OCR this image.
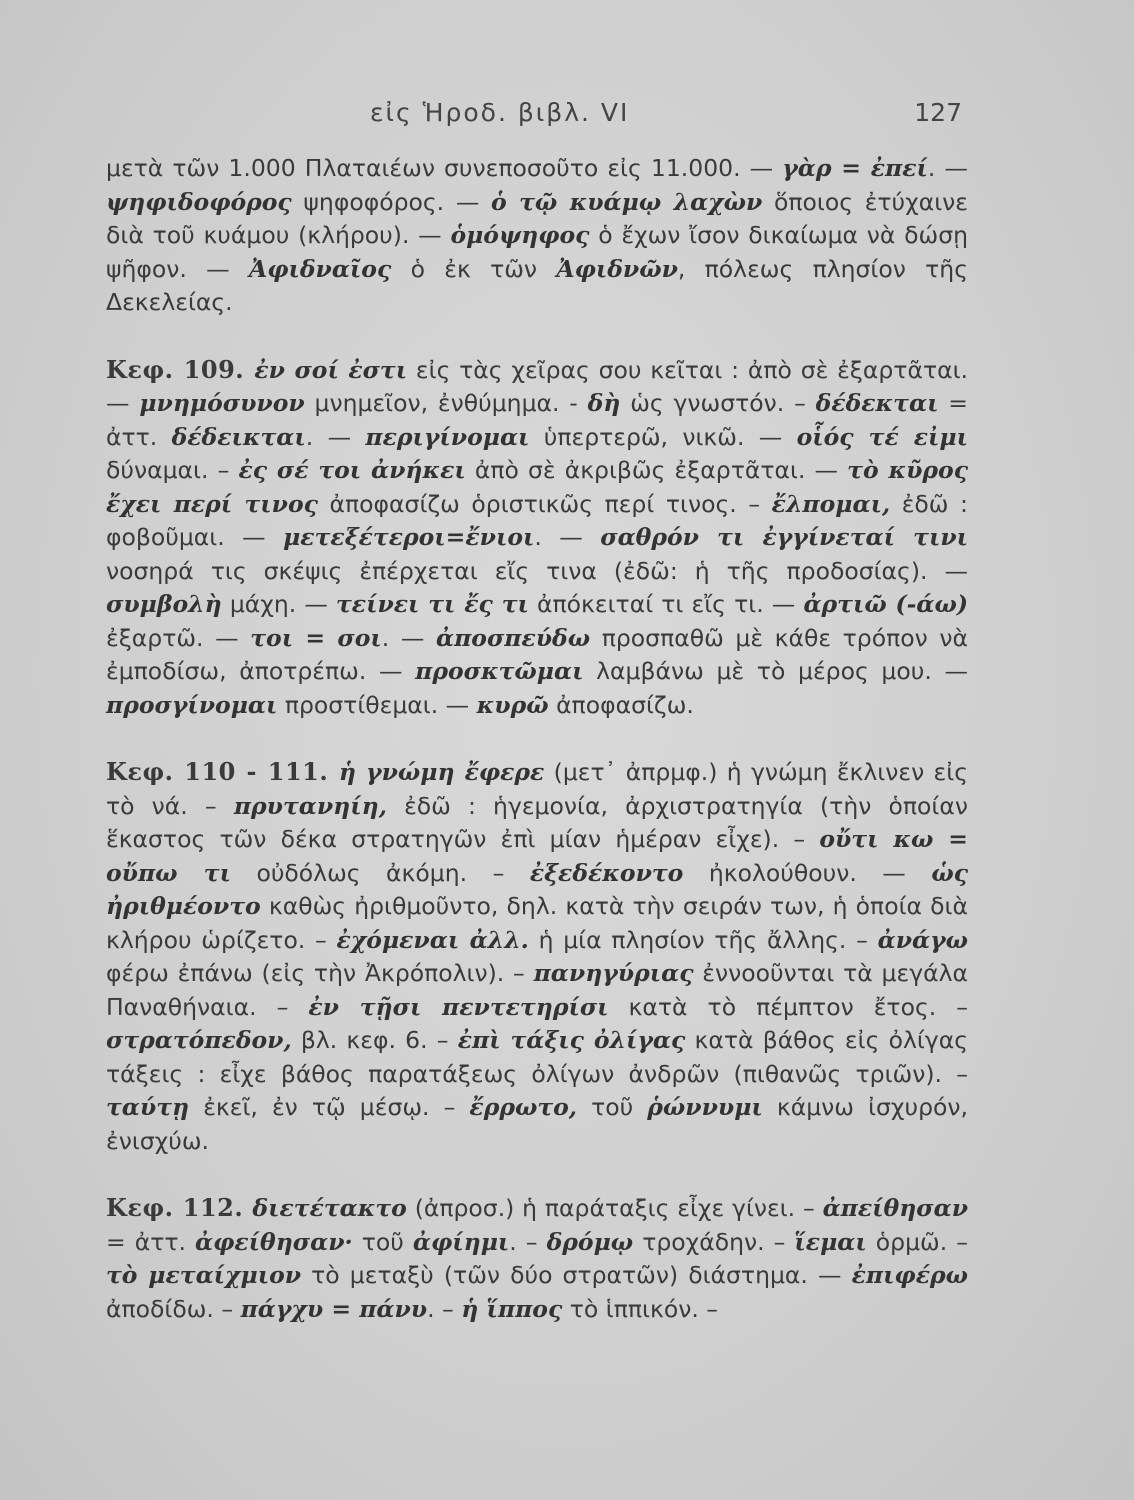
εἰς Ἡροδ. βιβλ. VI	127

μετὰ τῶν 1.000 Πλαταιέων συνεποσοῦτο εἰς 11.000. — γὰρ = ἐπεί. — ψηφιδοφόρος ψηφοφόρος. — ὁ τῷ κυάμῳ λαχὼν ὅποιος ἐτύχαινε διὰ τοῦ κυάμου (κλήρου). — ὁμόψηφος ὁ ἔχων ἴσον δικαίωμα νὰ δώσῃ ψῆφον. — Ἀφιδναῖος ὁ ἐκ τῶν Ἀφιδνῶν, πόλεως πλησίον τῆς Δεκελείας.

Κεφ. 109. ἐν σοί ἐστι εἰς τὰς χεῖρας σου κεῖται : ἀπὸ σὲ ἐξαρτᾶται. — μνημόσυνον μνημεῖον, ἐνθύμημα. - δὴ ὡς γνωστόν. – δέδεκται = ἀττ. δέδεικται. — περιγίνομαι ὑπερτερῶ, νικῶ. — οἷός τέ εἰμι δύναμαι. – ἐς σέ τοι ἀνήκει ἀπὸ σὲ ἀκριβῶς ἐξαρτᾶται. — τὸ κῦρος ἔχει περί τινος ἀποφασίζω ὁριστικῶς περί τινος. – ἔλπομαι, ἐδῶ : φοβοῦμαι. — μετεξέτεροι=ἔνιοι. — σαθρόν τι ἐγγίνεταί τινι νοσηρά τις σκέψις ἐπέρχεται εἴς τινα (ἐδῶ: ἡ τῆς προδοσίας). — συμβολὴ μάχη. — τείνει τι ἔς τι ἀπόκειταί τι εἴς τι. — ἀρτιῶ (-άω) ἐξαρτῶ. — τοι = σοι. — ἀποσπεύδω προσπαθῶ μὲ κάθε τρόπον νὰ ἐμποδίσω, ἀποτρέπω. — προσκτῶμαι λαμβάνω μὲ τὸ μέρος μου. — προσγίνομαι προστίθεμαι. — κυρῶ ἀποφασίζω.

Κεφ. 110 - 111. ἡ γνώμη ἔφερε (μετ᾽ ἀπρμφ.) ἡ γνώμη ἔκλινεν εἰς τὸ νά. – πρυτανηίη, ἐδῶ : ἡγεμονία, ἀρχιστρατηγία (τὴν ὁποίαν ἕκαστος τῶν δέκα στρατηγῶν ἐπὶ μίαν ἡμέραν εἶχε). – οὔτι κω = οὔπω τι οὐδόλως ἀκόμη. – ἐξεδέκοντο ἠκολούθουν. — ὡς ἠριθμέοντο καθὼς ἠριθμοῦντο, δηλ. κατὰ τὴν σειράν των, ἡ ὁποία διὰ κλήρου ὡρίζετο. – ἐχόμεναι ἀλλ. ἡ μία πλησίον τῆς ἄλλης. – ἀνάγω φέρω ἐπάνω (εἰς τὴν Ἀκρόπολιν). – πανηγύριας ἐννοοῦνται τὰ μεγάλα Παναθήναια. – ἐν τῇσι πεντετηρίσι κατὰ τὸ πέμπτον ἔτος. – στρατόπεδον, βλ. κεφ. 6. – ἐπὶ τάξις ὀλίγας κατὰ βάθος εἰς ὀλίγας τάξεις : εἶχε βάθος παρατάξεως ὀλίγων ἀνδρῶν (πιθανῶς τριῶν). – ταύτῃ ἐκεῖ, ἐν τῷ μέσῳ. – ἔρρωτο, τοῦ ῥώννυμι κάμνω ἰσχυρόν, ἐνισχύω.

Κεφ. 112. διετέτακτο (ἀπροσ.) ἡ παράταξις εἶχε γίνει. – ἀπείθησαν = ἀττ. ἀφείθησαν· τοῦ ἀφίημι. – δρόμῳ τροχάδην. – ἵεμαι ὁρμῶ. – τὸ μεταίχμιον τὸ μεταξὺ (τῶν δύο στρατῶν) διάστημα. — ἐπιφέρω ἀποδίδω. – πάγχυ = πάνυ. – ἡ ἵππος τὸ ἱππικόν. –
